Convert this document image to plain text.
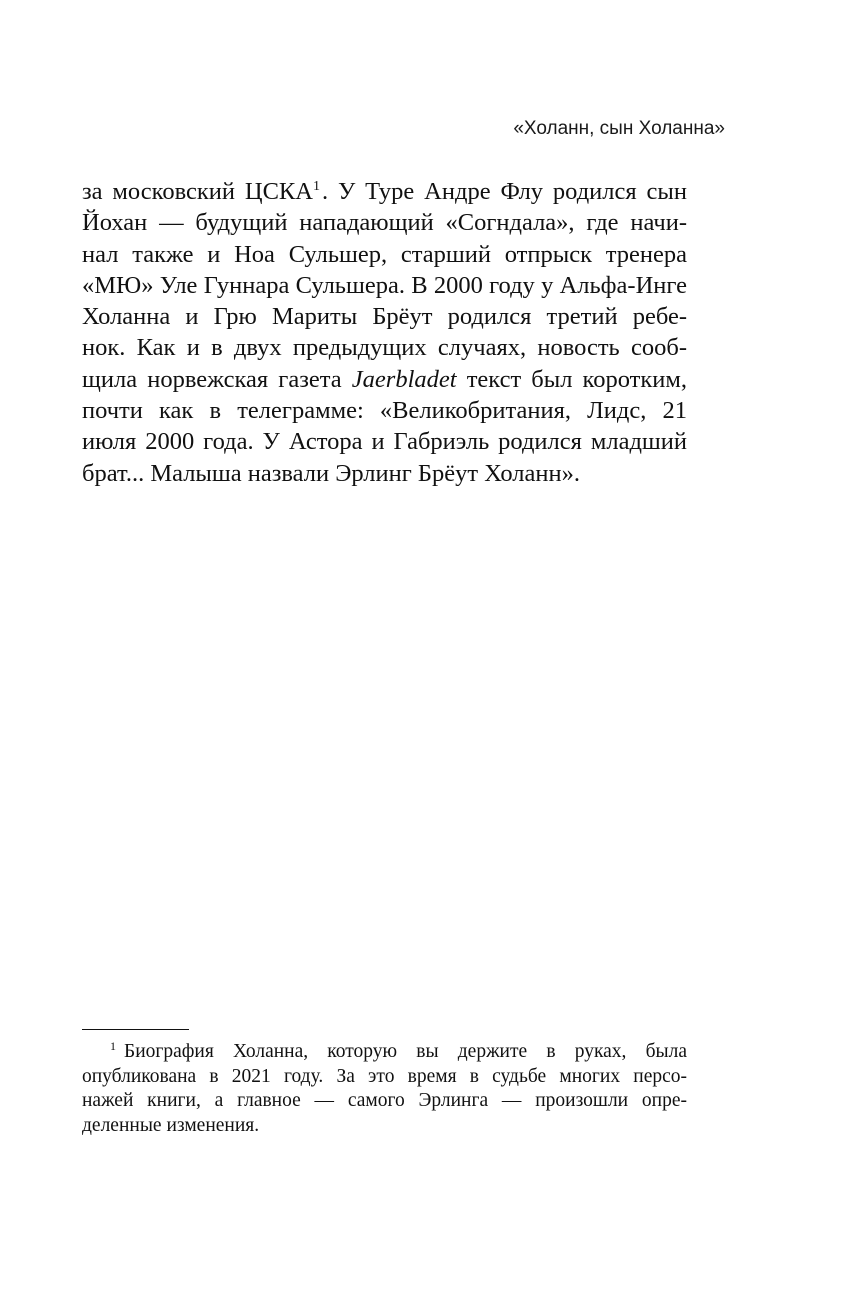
«Холанн, сын Холанна»
за московский ЦСКА$^1$. У Туре Андре Флу родился сын
Йохан — будущий нападающий «Согндала», где начи-
нал также и Ноа Сульшер, старший отпрыск тренера
«МЮ» Уле Гуннара Сульшера. В 2000 году у Альфа-Инге
Холанна и Грю Мариты Брёут родился третий ребе-
нок. Как и в двух предыдущих случаях, новость сооб-
щила норвежская газета Jaerbladet текст был коротким,
почти как в телеграмме: «Великобритания, Лидс, 21
июля 2000 года. У Астора и Габриэль родился младший
брат... Малыша назвали Эрлинг Брёут Холанн».
$^1$ Биография Холанна, которую вы держите в руках, была
опубликована в 2021 году. За это время в судьбе многих персо-
нажей книги, а главное — самого Эрлинга — произошли опре-
деленные изменения.
